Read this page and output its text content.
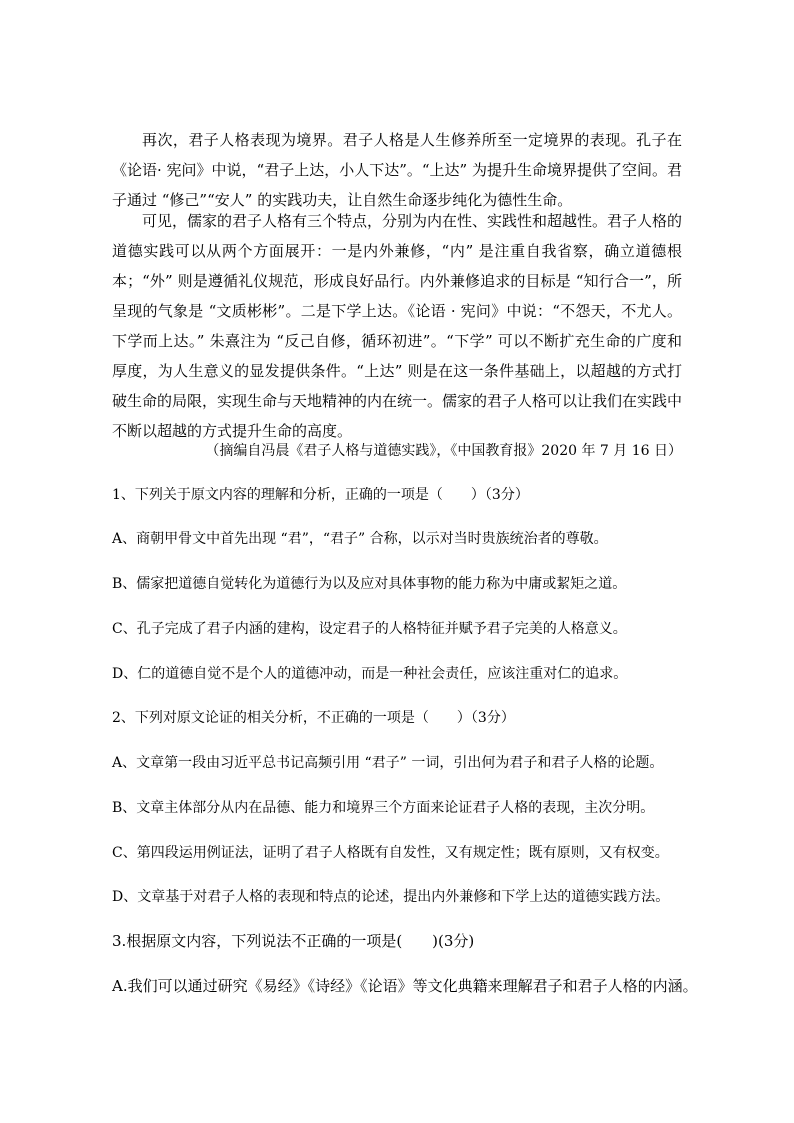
再次，君子人格表现为境界。君子人格是人生修养所至一定境界的表现。孔子在《论语· 宪问》中说，“君子上达，小人下达”。“上达” 为提升生命境界提供了空间。君子通过 “修己”“安人” 的实践功夫，让自然生命逐步纯化为德性生命。

可见，儒家的君子人格有三个特点，分别为内在性、实践性和超越性。君子人格的道德实践可以从两个方面展开：一是内外兼修，“内” 是注重自我省察，确立道德根本；“外” 则是遵循礼仪规范，形成良好品行。内外兼修追求的目标是 “知行合一”，所呈现的气象是 “文质彬彬”。二是下学上达。《论语 · 宪问》中说：“不怨天，不尤人。下学而上达。” 朱熹注为 “反己自修，循环初进”。“下学” 可以不断扩充生命的广度和厚度，为人生意义的显发提供条件。“上达” 则是在这一条件基础上，以超越的方式打破生命的局限，实现生命与天地精神的内在统一。儒家的君子人格可以让我们在实践中不断以超越的方式提升生命的高度。

（摘编自冯晨《君子人格与道德实践》，《中国教育报》2020 年 7 月 16 日）

1、下列关于原文内容的理解和分析，正确的一项是（　　）（3分）

A、商朝甲骨文中首先出现 “君”，“君子” 合称，以示对当时贵族统治者的尊敬。

B、儒家把道德自觉转化为道德行为以及应对具体事物的能力称为中庸或絜矩之道。

C、孔子完成了君子内涵的建构，设定君子的人格特征并赋予君子完美的人格意义。

D、仁的道德自觉不是个人的道德冲动，而是一种社会责任，应该注重对仁的追求。

2、下列对原文论证的相关分析，不正确的一项是（　　）（3分）

A、文章第一段由习近平总书记高频引用 “君子” 一词，引出何为君子和君子人格的论题。

B、文章主体部分从内在品德、能力和境界三个方面来论证君子人格的表现，主次分明。

C、第四段运用例证法，证明了君子人格既有自发性，又有规定性；既有原则，又有权变。

D、文章基于对君子人格的表现和特点的论述，提出内外兼修和下学上达的道德实践方法。

3.根据原文内容，下列说法不正确的一项是(　　)(3分)

A.我们可以通过研究《易经》《诗经》《论语》等文化典籍来理解君子和君子人格的内涵。
